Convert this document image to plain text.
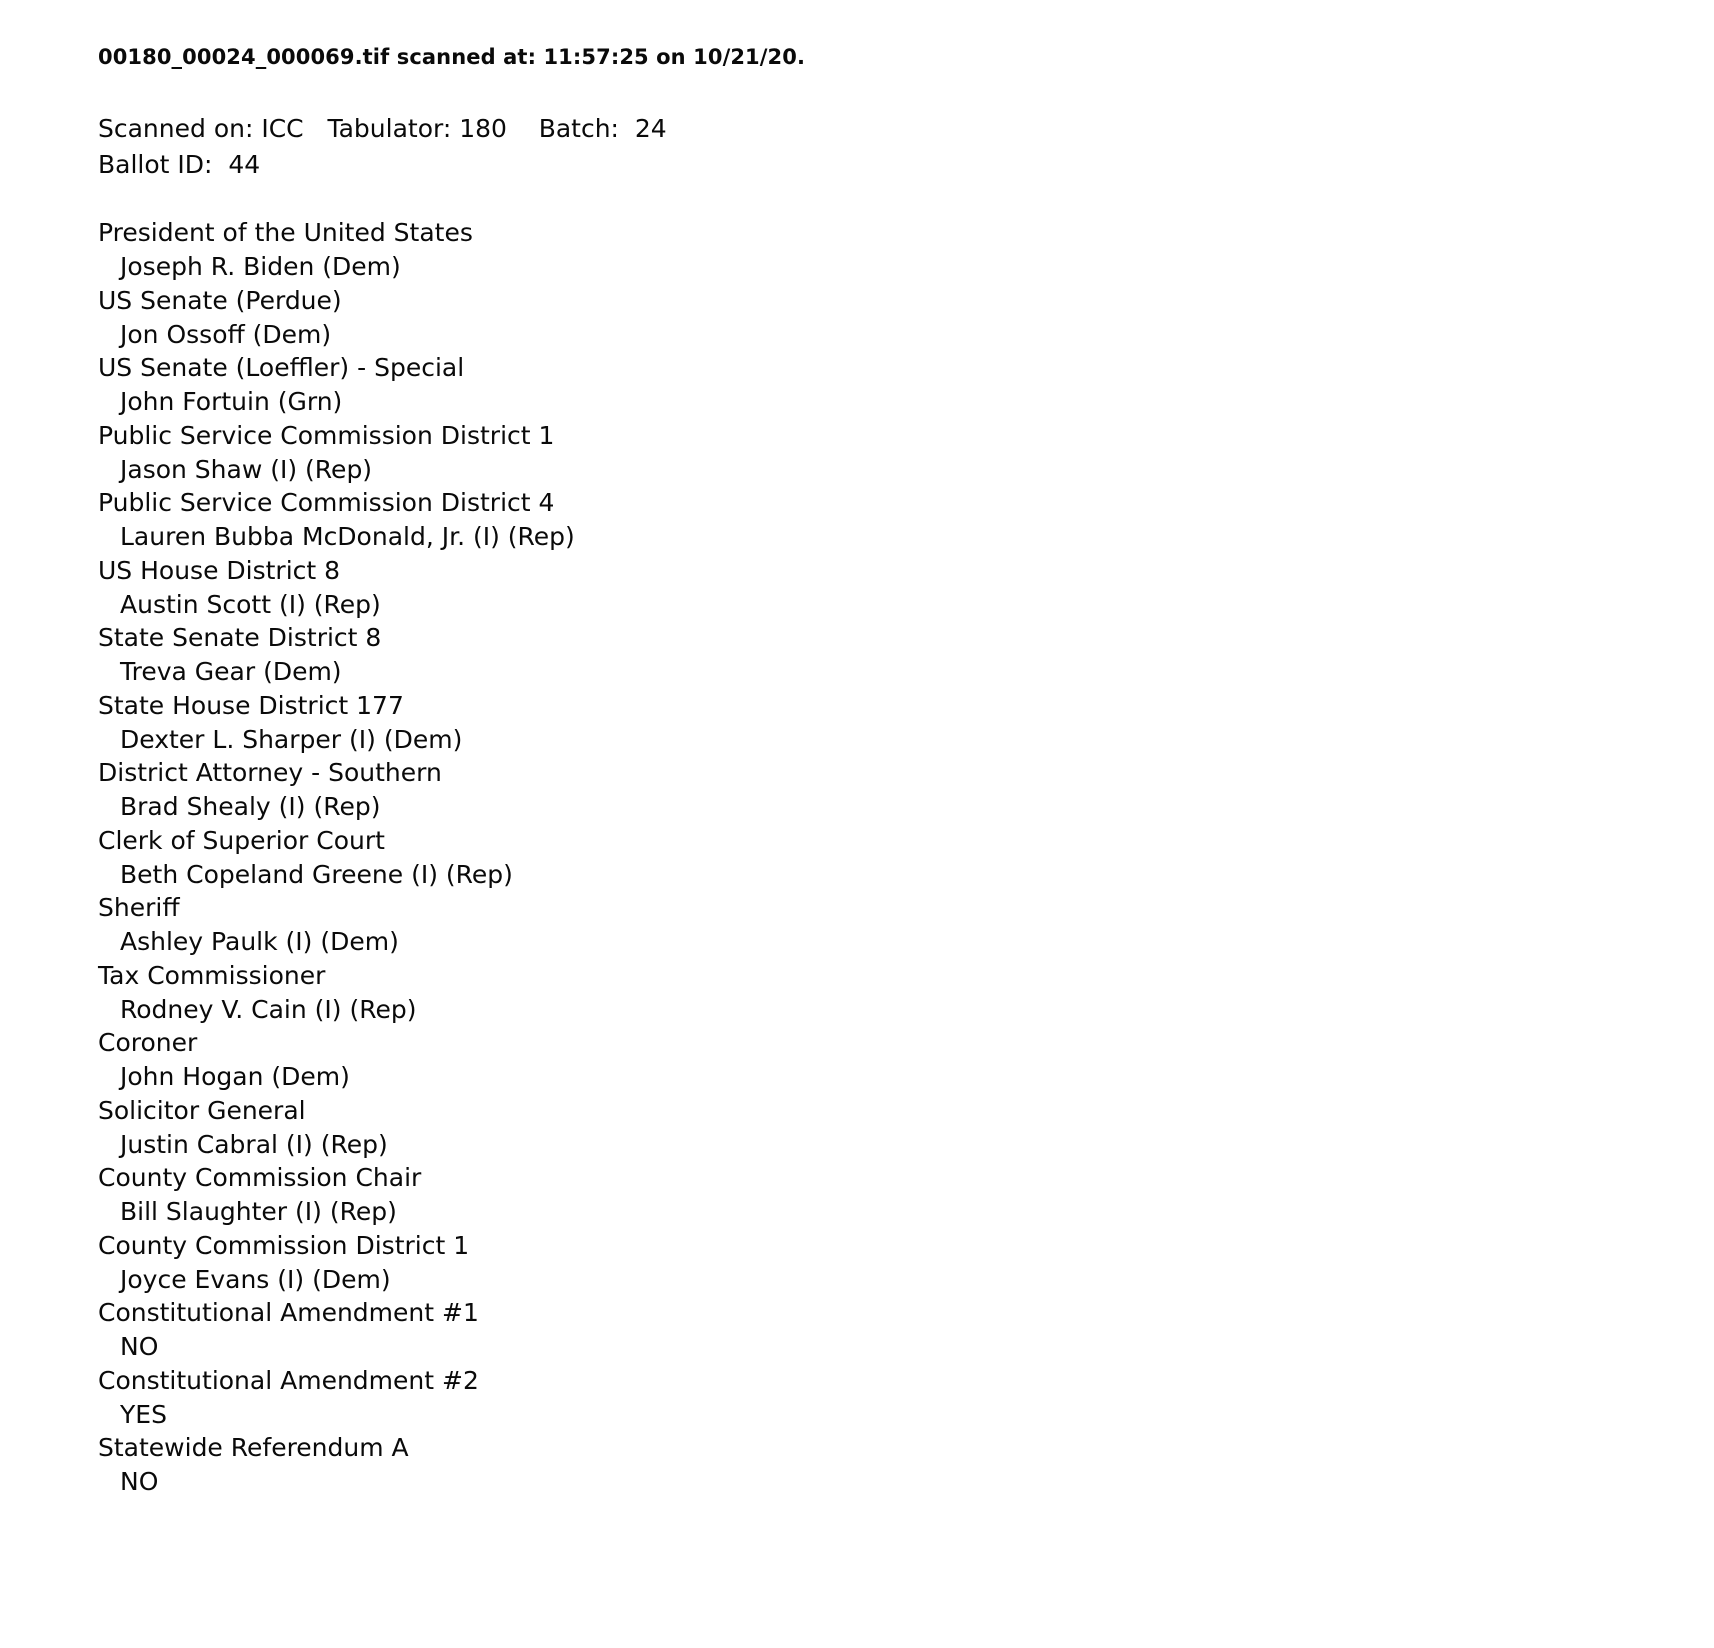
00180_00024_000069.tif scanned at: 11:57:25 on 10/21/20.
Scanned on: ICC   Tabulator: 180    Batch:  24
Ballot ID:  44
President of the United States
Joseph R. Biden (Dem)
US Senate (Perdue)
Jon Ossoff (Dem)
US Senate (Loeffler) - Special
John Fortuin (Grn)
Public Service Commission District 1
Jason Shaw (I) (Rep)
Public Service Commission District 4
Lauren Bubba McDonald, Jr. (I) (Rep)
US House District 8
Austin Scott (I) (Rep)
State Senate District 8
Treva Gear (Dem)
State House District 177
Dexter L. Sharper (I) (Dem)
District Attorney - Southern
Brad Shealy (I) (Rep)
Clerk of Superior Court
Beth Copeland Greene (I) (Rep)
Sheriff
Ashley Paulk (I) (Dem)
Tax Commissioner
Rodney V. Cain (I) (Rep)
Coroner
John Hogan (Dem)
Solicitor General
Justin Cabral (I) (Rep)
County Commission Chair
Bill Slaughter (I) (Rep)
County Commission District 1
Joyce Evans (I) (Dem)
Constitutional Amendment #1
NO
Constitutional Amendment #2
YES
Statewide Referendum A
NO
